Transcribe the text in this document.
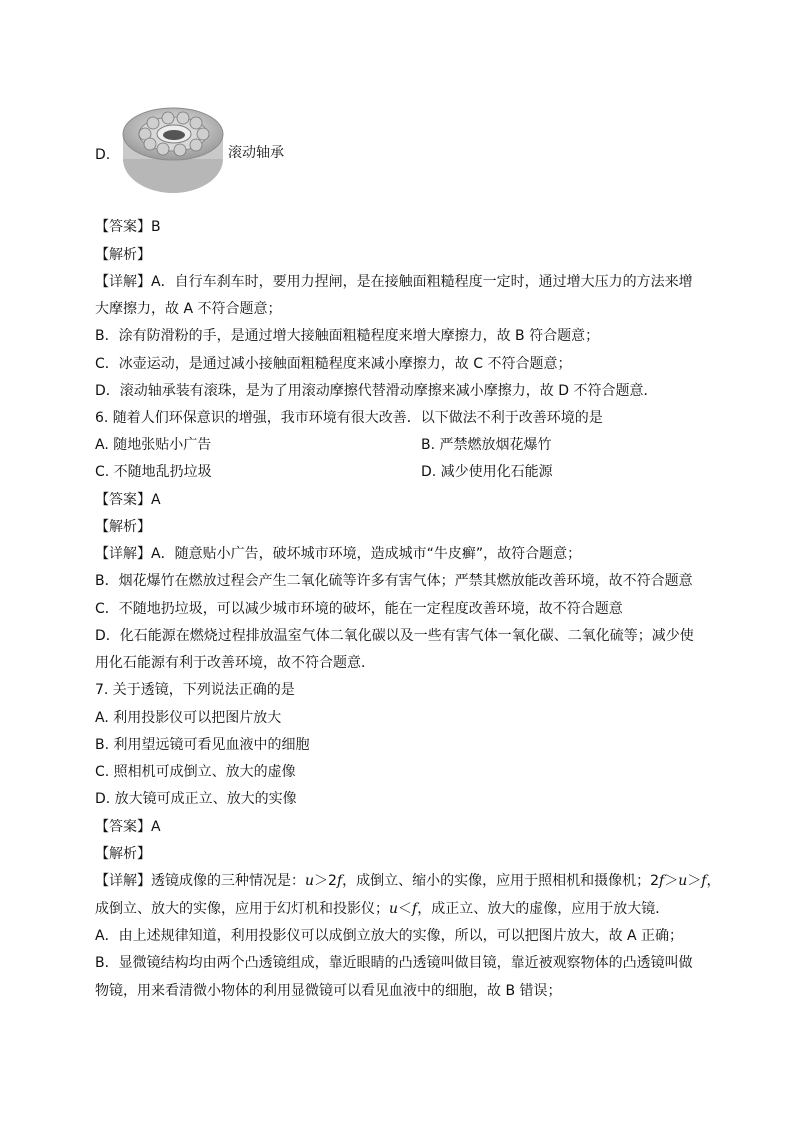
D.	滚动轴承
【答案】B
【解析】
【详解】A．自行车刹车时，要用力捏闸，是在接触面粗糙程度一定时，通过增大压力的方法来增
大摩擦力，故 A 不符合题意；
B．涂有防滑粉的手，是通过增大接触面粗糙程度来增大摩擦力，故 B 符合题意；
C．冰壶运动，是通过减小接触面粗糙程度来减小摩擦力，故 C 不符合题意；
D．滚动轴承装有滚珠，是为了用滚动摩擦代替滑动摩擦来减小摩擦力，故 D 不符合题意．
6. 随着人们环保意识的增强，我市环境有很大改善．以下做法不利于改善环境的是
A. 随地张贴小广告	B. 严禁燃放烟花爆竹
C. 不随地乱扔垃圾	D. 减少使用化石能源
【答案】A
【解析】
【详解】A．随意贴小广告，破坏城市环境，造成城市“牛皮癣”，故符合题意；
B．烟花爆竹在燃放过程会产生二氧化硫等许多有害气体；严禁其燃放能改善环境，故不符合题意
C．不随地扔垃圾，可以减少城市环境的破坏，能在一定程度改善环境，故不符合题意
D．化石能源在燃烧过程排放温室气体二氧化碳以及一些有害气体一氧化碳、二氧化硫等；减少使
用化石能源有利于改善环境，故不符合题意．
7. 关于透镜，下列说法正确的是
A. 利用投影仪可以把图片放大
B. 利用望远镜可看见血液中的细胞
C. 照相机可成倒立、放大的虚像
D. 放大镜可成正立、放大的实像
【答案】A
【解析】
【详解】透镜成像的三种情况是：u＞2f，成倒立、缩小的实像，应用于照相机和摄像机；2f＞u＞f，
成倒立、放大的实像，应用于幻灯机和投影仪；u＜f，成正立、放大的虚像，应用于放大镜．
A．由上述规律知道，利用投影仪可以成倒立放大的实像，所以，可以把图片放大，故 A 正确；
B．显微镜结构均由两个凸透镜组成，靠近眼睛的凸透镜叫做目镜，靠近被观察物体的凸透镜叫做
物镜，用来看清微小物体的利用显微镜可以看见血液中的细胞，故 B 错误；
